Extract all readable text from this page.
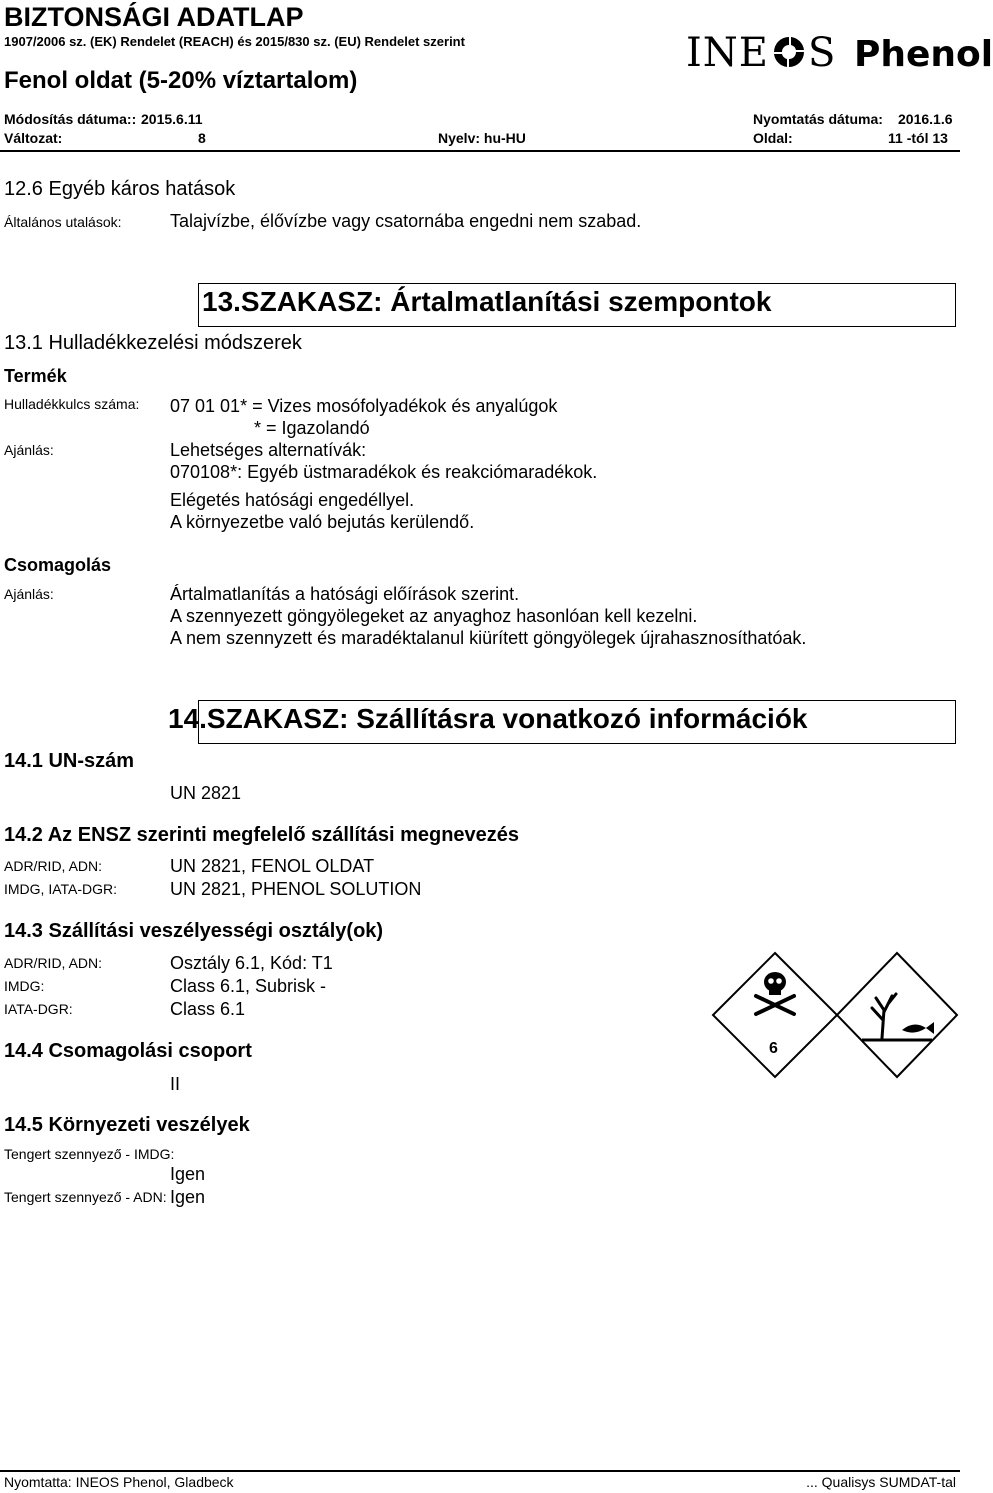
BIZTONSÁGI ADATLAP
1907/2006 sz. (EK) Rendelet (REACH) és 2015/830 sz. (EU) Rendelet szerint
Fenol oldat (5-20% víztartalom)
INE S Phenol
Módosítás dátuma:: 2015.6.11	Nyomtatás dátuma: 2016.1.6
Változat:	8	Nyelv: hu-HU	Oldal:	11 -tól 13
12.6 Egyéb káros hatások
Általános utalások:	Talajvízbe, élővízbe vagy csatornába engedni nem szabad.
13.SZAKASZ: Ártalmatlanítási szempontok
13.1 Hulladékkezelési módszerek
Termék
Hulladékkulcs száma: 07 01 01* = Vizes mosófolyadékok és anyalúgok
* = Igazolandó
Ajánlás:	Lehetséges alternatívák:
070108*: Egyéb üstmaradékok és reakciómaradékok.
Elégetés hatósági engedéllyel.
A környezetbe való bejutás kerülendő.
Csomagolás
Ajánlás:	Ártalmatlanítás a hatósági előírások szerint.
A szennyezett göngyölegeket az anyaghoz hasonlóan kell kezelni.
A nem szennyzett és maradéktalanul kiürített göngyölegek újrahasznosíthatóak.
14.SZAKASZ: Szállításra vonatkozó információk
14.1 UN-szám
UN 2821
14.2 Az ENSZ szerinti megfelelő szállítási megnevezés
ADR/RID, ADN:	UN 2821, FENOL OLDAT
IMDG, IATA-DGR:	UN 2821, PHENOL SOLUTION
14.3 Szállítási veszélyességi osztály(ok)
ADR/RID, ADN:	Osztály 6.1, Kód: T1
IMDG:	Class 6.1, Subrisk -
IATA-DGR:	Class 6.1
6
14.4 Csomagolási csoport
II
14.5 Környezeti veszélyek
Tengert szennyező - IMDG:
Igen
Tengert szennyező - ADN: Igen
Nyomtatta: INEOS Phenol, Gladbeck	... Qualisys SUMDAT-tal
